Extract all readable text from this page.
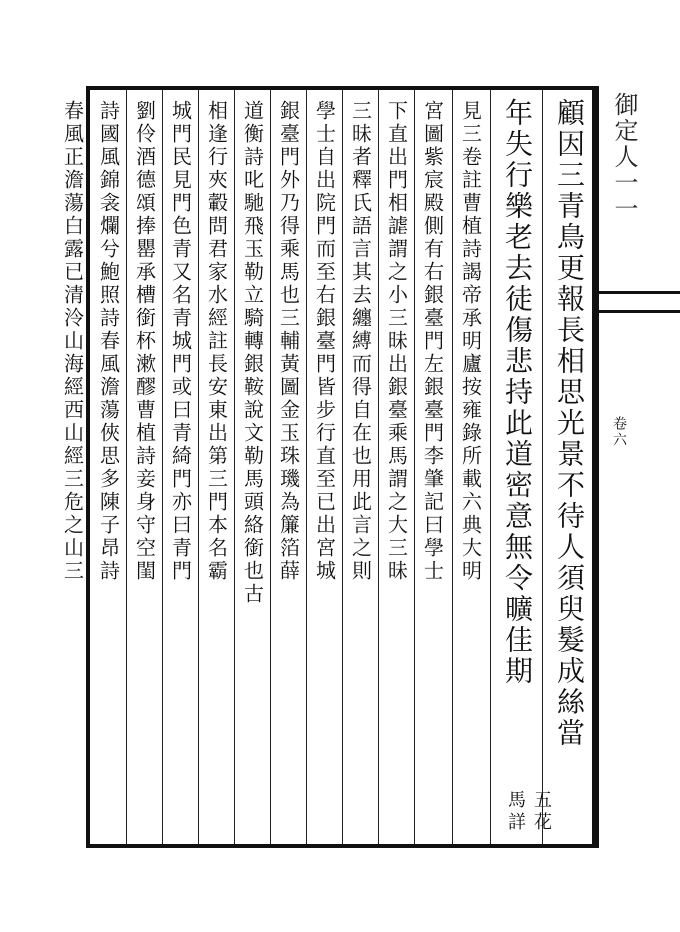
顧因三青鳥更報長相思光景不待人須臾髮成絲當
年失行樂老去徒傷悲持此道密意無令曠佳期
見三卷註曹植詩謁帝承明廬按雍錄所載六典大明
宮圖紫宸殿側有右銀臺門左銀臺門李肇記曰學士
下直出門相謔謂之小三昧出銀臺乘馬謂之大三昧
三昧者釋氏語言其去纏縛而得自在也用此言之則
學士自出院門而至右銀臺門皆步行直至已出宮城
銀臺門外乃得乘馬也三輔黃圖金玉珠璣為簾箔薛
道衡詩叱馳飛玉勒立騎轉銀鞍說文勒馬頭絡銜也古
相逢行夾轂問君家水經註長安東出第三門本名霸
城門民見門色青又名青城門或曰青綺門亦曰青門
劉伶酒德頌捧罌承槽銜杯漱醪曹植詩妾身守空閨
詩國風錦衾爛兮鮑照詩春風澹蕩俠思多陳子昂詩
春風正澹蕩白露已清泠山海經西山經三危之山三
五花馬詳
御定人一一
卷六
